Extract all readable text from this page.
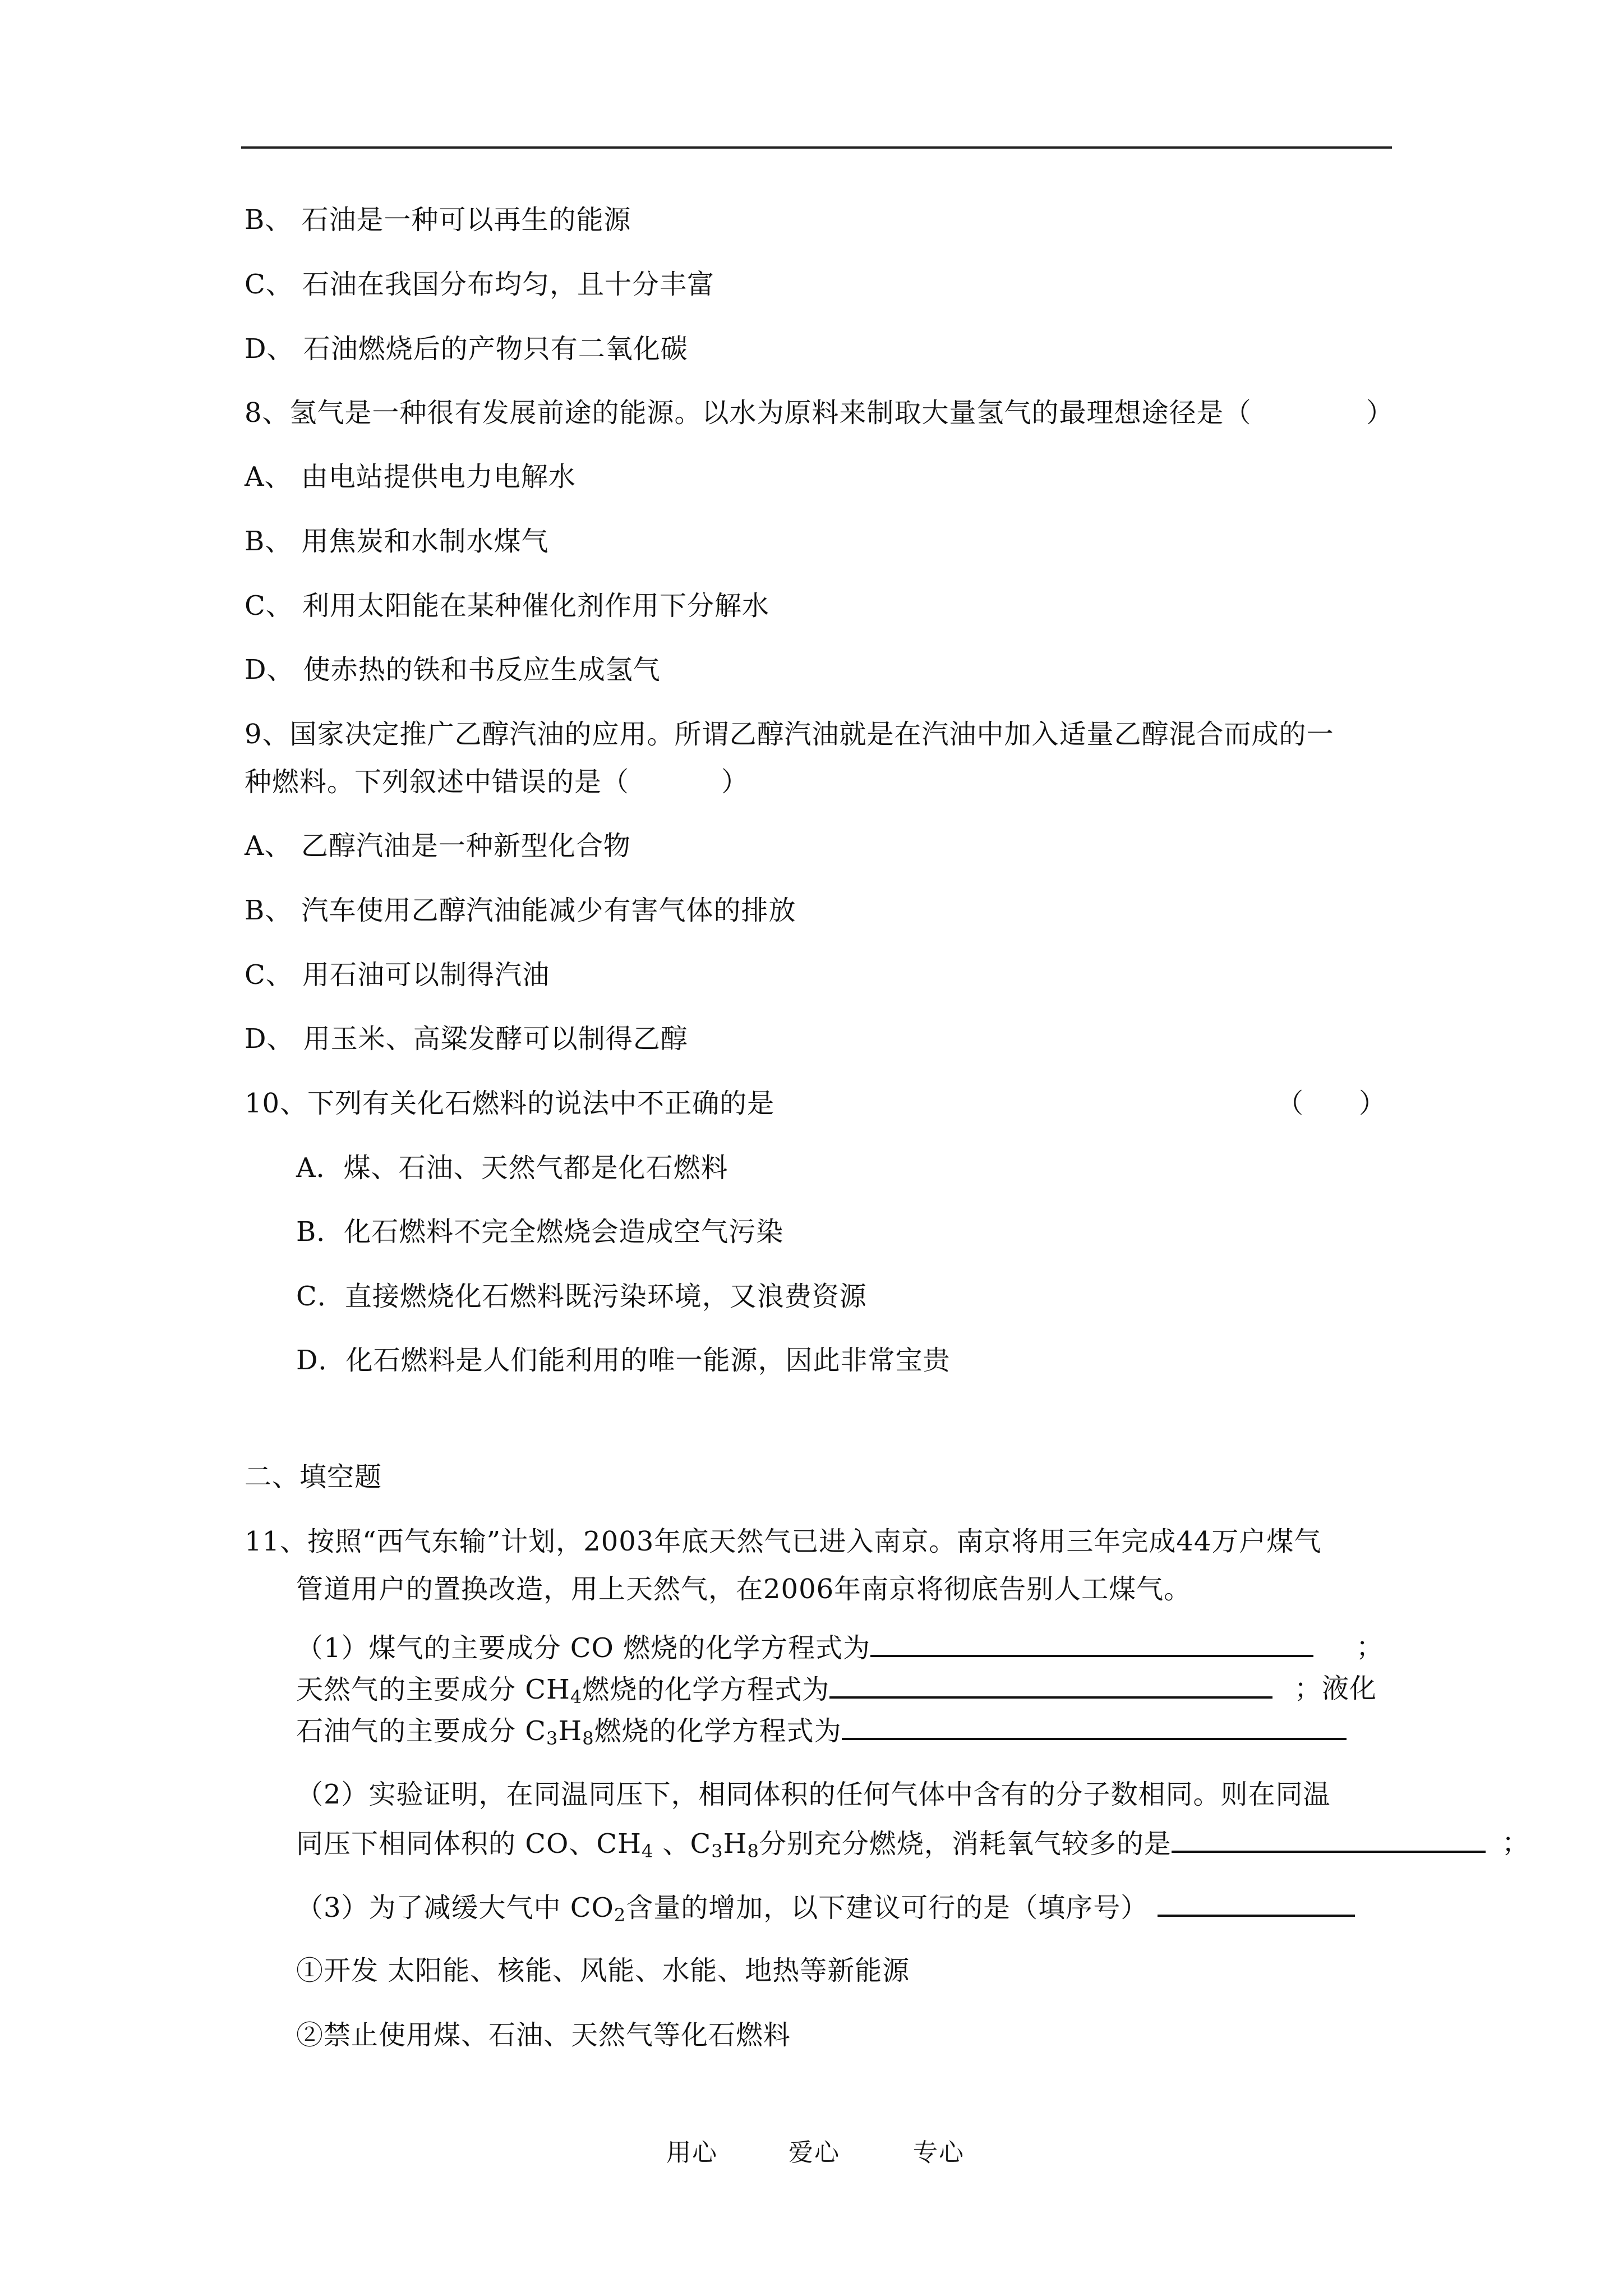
B、 石油是一种可以再生的能源
C、 石油在我国分布均匀，且十分丰富
D、 石油燃烧后的产物只有二氧化碳
8、氢气是一种很有发展前途的能源。以水为原料来制取大量氢气的最理想途径是（	）
A、 由电站提供电力电解水
B、 用焦炭和水制水煤气
C、 利用太阳能在某种催化剂作用下分解水
D、 使赤热的铁和书反应生成氢气
9、国家决定推广乙醇汽油的应用。所谓乙醇汽油就是在汽油中加入适量乙醇混合而成的一
种燃料。下列叙述中错误的是（	）
A、 乙醇汽油是一种新型化合物
B、 汽车使用乙醇汽油能减少有害气体的排放
C、 用石油可以制得汽油
D、 用玉米、高粱发酵可以制得乙醇
10、下列有关化石燃料的说法中不正确的是	（　　）
A．煤、石油、天然气都是化石燃料
B．化石燃料不完全燃烧会造成空气污染
C．直接燃烧化石燃料既污染环境，又浪费资源
D．化石燃料是人们能利用的唯一能源，因此非常宝贵
二、填空题
11、按照“西气东输”计划，2003年底天然气已进入南京。南京将用三年完成44万户煤气
管道用户的置换改造，用上天然气，在2006年南京将彻底告别人工煤气。
（1）煤气的主要成分 CO 燃烧的化学方程式为	；
天然气的主要成分 $CH_4$燃烧的化学方程式为	；液化
石油气的主要成分 $C_3H_8$燃烧的化学方程式为
（2）实验证明，在同温同压下，相同体积的任何气体中含有的分子数相同。则在同温
同压下相同体积的 CO、$CH_4$ 、$C_3H_8$分别充分燃烧，消耗氧气较多的是	；
（3）为了减缓大气中 $CO_2$含量的增加，以下建议可行的是（填序号）
①开发 太阳能、核能、风能、水能、地热等新能源
②禁止使用煤、石油、天然气等化石燃料
用心	爱心	专心
